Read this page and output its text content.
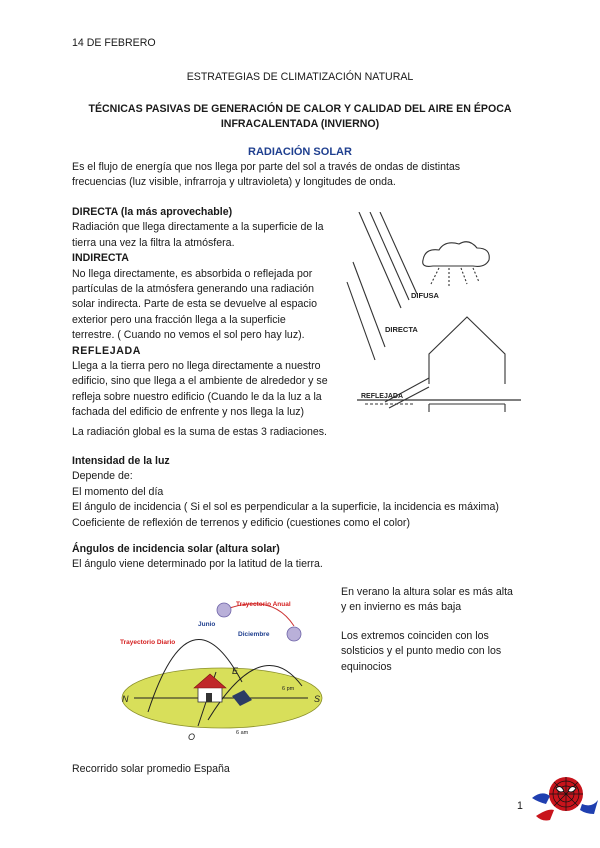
14 DE FEBRERO
ESTRATEGIAS DE CLIMATIZACIÓN NATURAL
TÉCNICAS PASIVAS DE GENERACIÓN DE CALOR Y CALIDAD DEL AIRE EN ÉPOCA INFRACALENTADA (INVIERNO)
RADIACIÓN SOLAR
Es el flujo de energía que nos llega por parte del sol a través de ondas de distintas
frecuencias (luz visible, infrarroja y ultravioleta) y longitudes de onda.
DIRECTA (la más aprovechable)
Radiación que llega directamente a la superficie de la
tierra una vez la filtra la atmósfera.
INDIRECTA
No llega directamente, es absorbida o reflejada por
partículas de la atmósfera generando una radiación
solar indirecta. Parte de esta se devuelve al espacio
exterior pero una fracción llega a la superficie
terrestre. ( Cuando no vemos el sol pero hay luz).
REFLEJADA
Llega a la tierra pero no llega directamente a nuestro
edificio, sino que llega a el ambiente de alrededor y se
refleja sobre nuestro edificio (Cuando le da la luz a la
fachada del edificio de enfrente y nos llega la luz)
La radiación global es la suma de estas 3 radiaciones.
DIFUSA
DIRECTA
REFLEJADA
Intensidad de la luz
Depende de:
El momento del día
El ángulo de incidencia ( Si el sol es perpendicular a la superficie, la incidencia es máxima)
Coeficiente de reflexión de terrenos y edificio (cuestiones como el color)
Ángulos de incidencia solar (altura solar)
El ángulo viene determinado por la latitud de la tierra.
Trayectorio Anual
Trayectorio Diario
Junio
Diciembre
N	S
E
O
6 pm
6 am
En verano la altura solar es más alta
y en invierno es más baja
Los extremos coinciden con los
solsticios y el punto medio con los
equinocios
Recorrido solar promedio España
1
